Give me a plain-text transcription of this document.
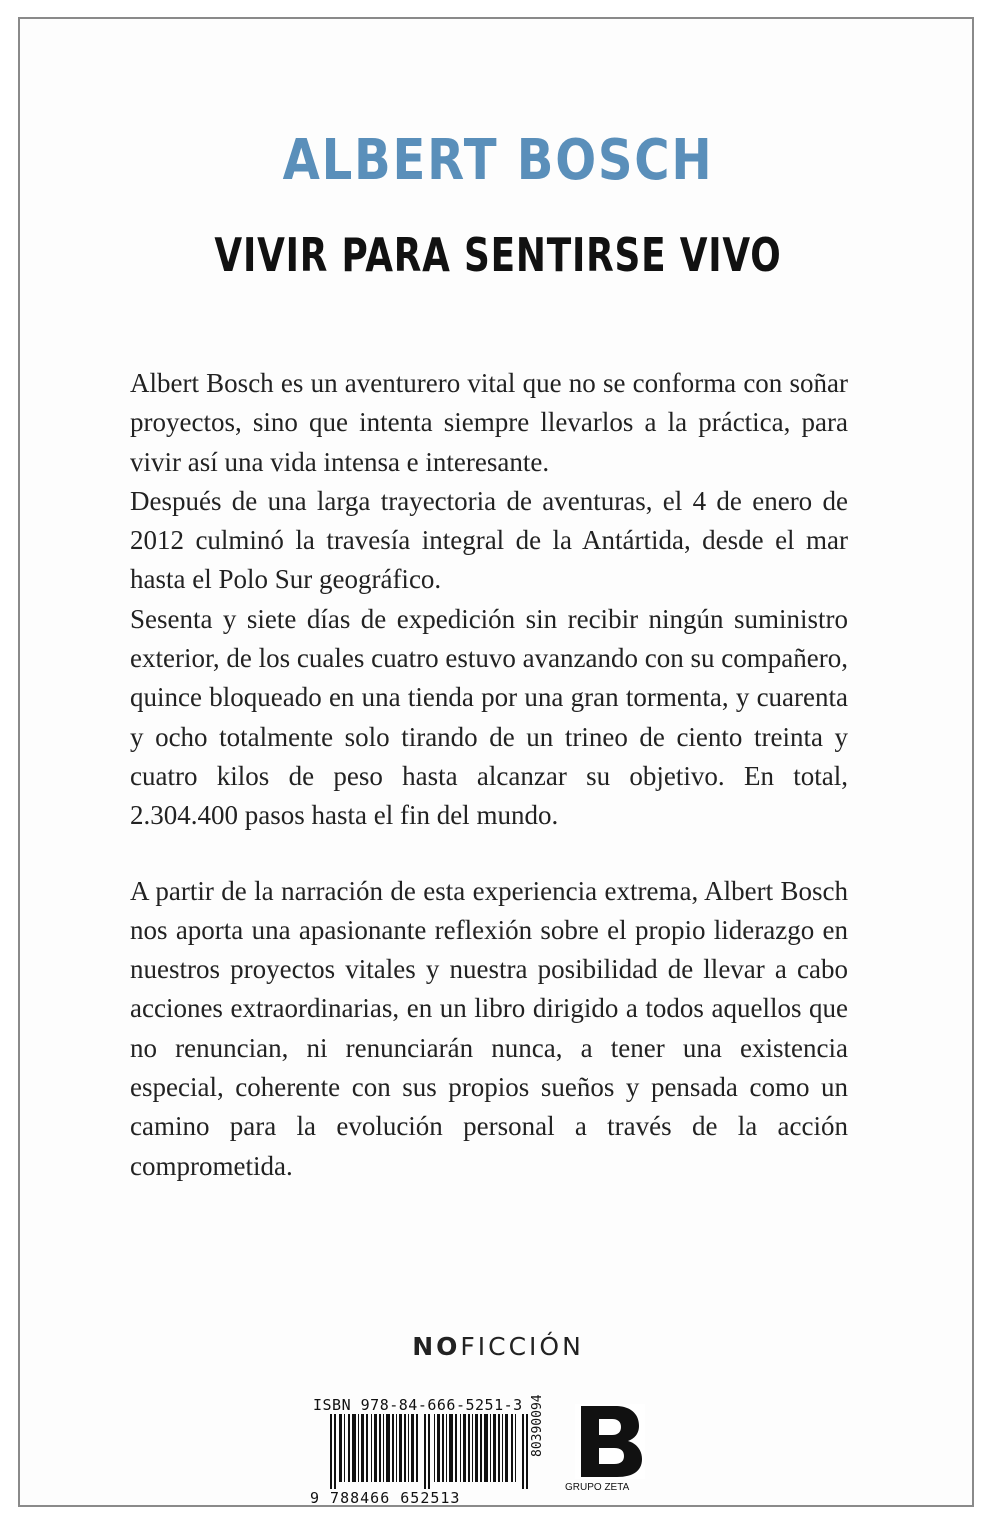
ALBERT BOSCH
VIVIR PARA SENTIRSE VIVO

Albert Bosch es un aventurero vital que no se conforma con soñar proyectos, sino que intenta siempre llevarlos a la práctica, para vivir así una vida intensa e interesante.

Después de una larga trayectoria de aventuras, el 4 de enero de 2012 culminó la travesía integral de la Antártida, desde el mar hasta el Polo Sur geográfico.

Sesenta y siete días de expedición sin recibir ningún suministro exterior, de los cuales cuatro estuvo avanzando con su compañero, quince bloqueado en una tienda por una gran tormenta, y cuarenta y ocho totalmente solo tirando de un trineo de ciento treinta y cuatro kilos de peso hasta alcanzar su objetivo. En total, 2.304.400 pasos hasta el fin del mundo.

A partir de la narración de esta experiencia extrema, Albert Bosch nos aporta una apasionante reflexión sobre el propio liderazgo en nuestros proyectos vitales y nuestra posibilidad de llevar a cabo acciones extraordinarias, en un libro dirigido a todos aquellos que no renuncian, ni renunciarán nunca, a tener una existencia especial, coherente con sus propios sueños y pensada como un camino para la evolución personal a través de la acción comprometida.

NOFICCIÓN
ISBN 978-84-666-5251-3
9 788466 652513
80390094
GRUPO ZETA
